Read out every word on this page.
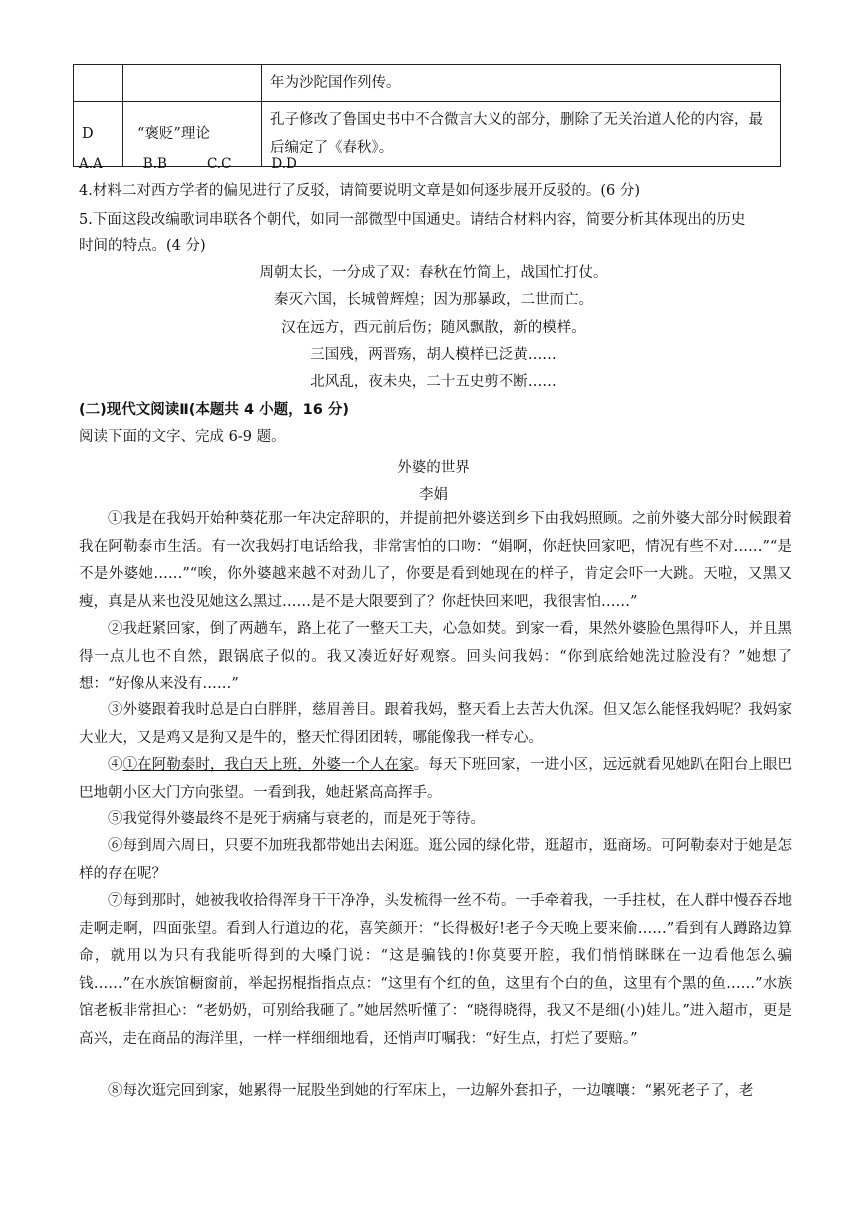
		年为沙陀国作列传。
D	“褒贬”理论	孔子修改了鲁国史书中不合微言大义的部分，删除了无关治道人伦的内容，最后编定了《春秋》。
A.A	B.B	C.C	D.D
4.材料二对西方学者的偏见进行了反驳，请简要说明文章是如何逐步展开反驳的。(6 分)
5.下面这段改编歌词串联各个朝代，如同一部微型中国通史。请结合材料内容，简要分析其体现出的历史
时间的特点。(4 分)
周朝太长，一分成了双：春秋在竹简上，战国忙打仗。
秦灭六国，长城曾辉煌；因为那暴政，二世而亡。
汉在远方，西元前后伤；随风飘散，新的模样。
三国残，两晋殇，胡人模样已泛黄……
北风乱，夜未央，二十五史剪不断……
(二)现代文阅读Ⅱ(本题共 4 小题，16 分)
阅读下面的文字、完成 6-9 题。
外婆的世界
李娟

①我是在我妈开始种葵花那一年决定辞职的，并提前把外婆送到乡下由我妈照顾。之前外婆大部分时候跟着我在阿勒泰市生活。有一次我妈打电话给我，非常害怕的口吻：“娟啊，你赶快回家吧，情况有些不对……”“是不是外婆她……”“唉，你外婆越来越不对劲儿了，你要是看到她现在的样子，肯定会吓一大跳。天啦，又黑又瘦，真是从来也没见她这么黑过……是不是大限要到了？你赶快回来吧，我很害怕……”

②我赶紧回家，倒了两趟车，路上花了一整天工夫，心急如焚。到家一看，果然外婆脸色黑得吓人，并且黑得一点儿也不自然，跟锅底子似的。我又凑近好好观察。回头问我妈：“你到底给她洗过脸没有？”她想了想：“好像从来没有……”

③外婆跟着我时总是白白胖胖，慈眉善目。跟着我妈，整天看上去苦大仇深。但又怎么能怪我妈呢？我妈家大业大，又是鸡又是狗又是牛的，整天忙得团团转，哪能像我一样专心。

④①在阿勒泰时，我白天上班，外婆一个人在家。每天下班回家，一进小区，远远就看见她趴在阳台上眼巴巴地朝小区大门方向张望。一看到我，她赶紧高高挥手。

⑤我觉得外婆最终不是死于病痛与衰老的，而是死于等待。

⑥每到周六周日，只要不加班我都带她出去闲逛。逛公园的绿化带，逛超市，逛商场。可阿勒泰对于她是怎样的存在呢？

⑦每到那时，她被我收拾得浑身干干净净，头发梳得一丝不苟。一手牵着我，一手拄杖，在人群中慢吞吞地走啊走啊，四面张望。看到人行道边的花，喜笑颜开：“长得极好!老子今天晚上要来偷……”看到有人蹲路边算命，就用以为只有我能听得到的大嗓门说：“这是骗钱的!你莫要开腔，我们悄悄眯眯在一边看他怎么骗钱……”在水族馆橱窗前，举起拐棍指指点点：“这里有个红的鱼，这里有个白的鱼，这里有个黑的鱼……”水族馆老板非常担心：“老奶奶，可别给我砸了。”她居然听懂了：“晓得晓得，我又不是细(小)娃儿。”进入超市，更是高兴，走在商品的海洋里，一样一样细细地看，还悄声叮嘱我：“好生点，打烂了要赔。”

⑧每次逛完回到家，她累得一屁股坐到她的行军床上，一边解外套扣子，一边嚷嚷：“累死老子了，老
